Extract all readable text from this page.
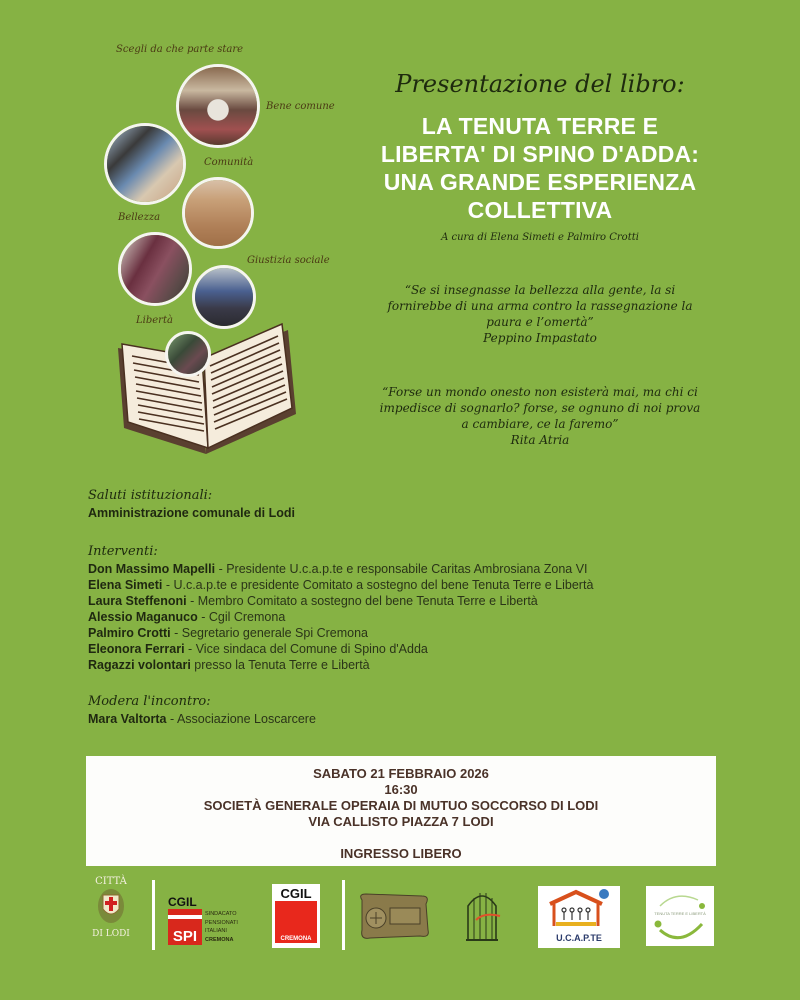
Scegli da che parte stare
Bene comune
Comunità
Bellezza
Giustizia sociale
Libertà
Presentazione del libro:
LA TENUTA TERRE E
LIBERTA' DI SPINO D'ADDA:
UNA GRANDE ESPERIENZA
COLLETTIVA
A cura di Elena Simeti e Palmiro Crotti
“Se si insegnasse la bellezza alla gente, la si
fornirebbe di una arma contro la rassegnazione la
paura e l’omertà”
Peppino Impastato
“Forse un mondo onesto non esisterà mai, ma chi ci
impedisce di sognarlo? forse, se ognuno di noi prova
a cambiare, ce la faremo”
Rita Atria
Saluti istituzionali:
Amministrazione comunale di Lodi
Interventi:
Don Massimo Mapelli - Presidente U.c.a.p.te e responsabile Caritas Ambrosiana Zona VI
Elena Simeti - U.c.a.p.te e presidente Comitato a sostegno del bene Tenuta Terre e Libertà
Laura Steffenoni - Membro Comitato a sostegno del bene Tenuta Terre e Libertà
Alessio Maganuco - Cgil Cremona
Palmiro Crotti - Segretario generale Spi Cremona
Eleonora Ferrari - Vice sindaca del Comune di Spino d'Adda
Ragazzi volontari presso la Tenuta Terre e Libertà
Modera l'incontro:
Mara Valtorta - Associazione Loscarcere
SABATO 21 FEBBRAIO 2026
16:30
SOCIETÀ GENERALE OPERAIA DI MUTUO SOCCORSO DI LODI
VIA CALLISTO PIAZZA 7 LODI
INGRESSO LIBERO
CITTÀ
DI LODI
CGIL
SPI
SINDACATO
PENSIONATI
ITALIANI
CREMONA
CGIL
CREMONA	U.C.A.P.TE
TENUTA TERRE E LIBERTÀ
